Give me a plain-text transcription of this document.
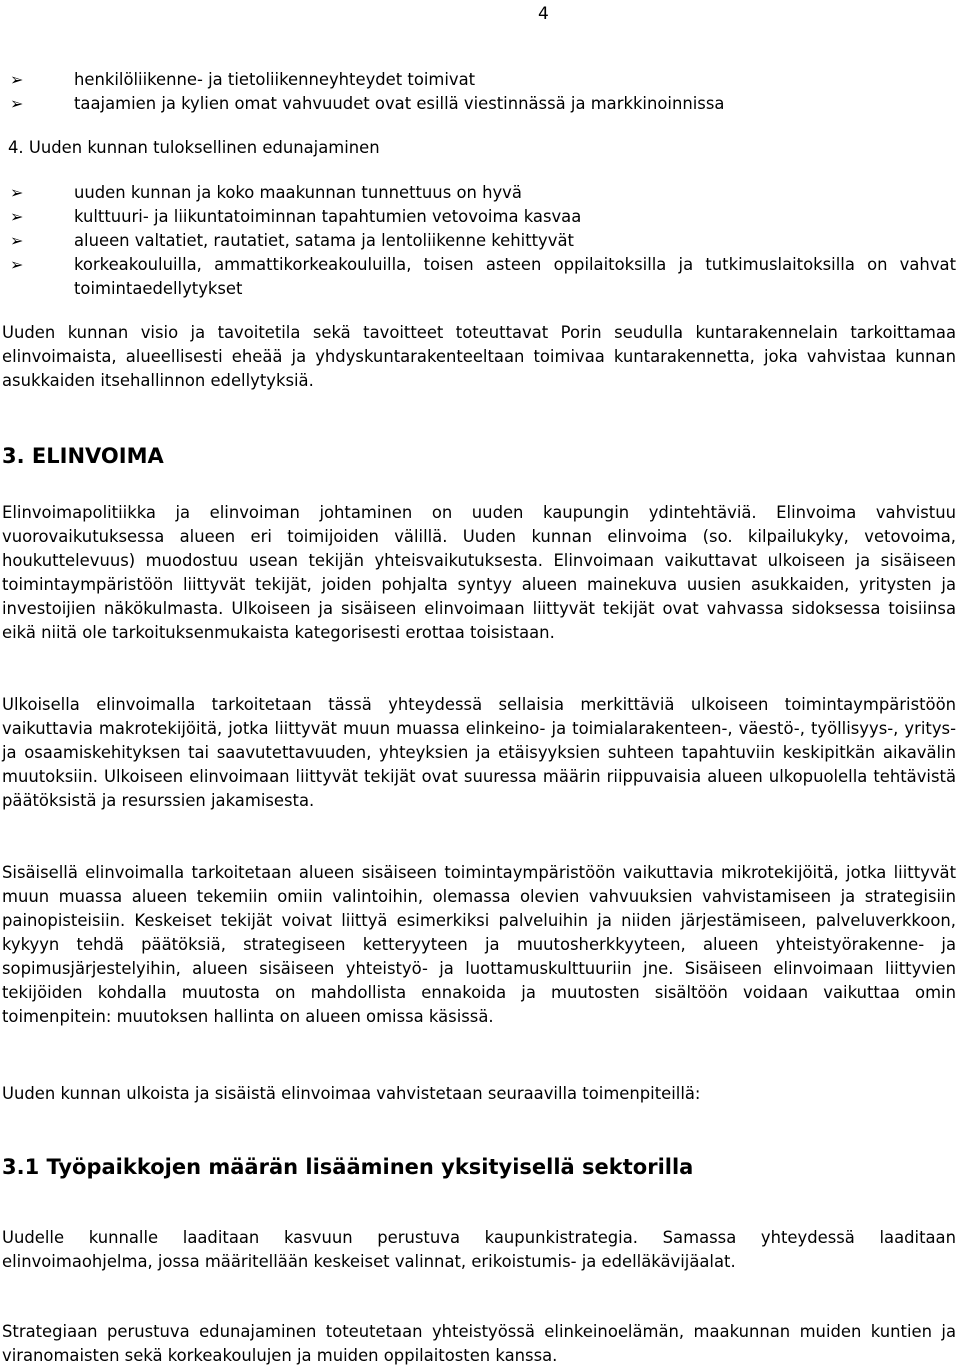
4
➢	henkilöliikenne- ja tietoliikenneyhteydet toimivat
➢	taajamien ja kylien omat vahvuudet ovat esillä viestinnässä ja markkinoinnissa
4. Uuden kunnan tuloksellinen edunajaminen
➢	uuden kunnan ja koko maakunnan tunnettuus on hyvä
➢	kulttuuri- ja liikuntatoiminnan tapahtumien vetovoima kasvaa
➢	alueen valtatiet, rautatiet, satama ja lentoliikenne kehittyvät
➢	korkeakouluilla, ammattikorkeakouluilla, toisen asteen oppilaitoksilla ja tutkimuslaitoksilla on vahvat toimintaedellytykset
Uuden kunnan visio ja tavoitetila sekä tavoitteet toteuttavat Porin seudulla kuntarakennelain tarkoittamaa elinvoimaista, alueellisesti eheää ja yhdyskuntarakenteeltaan toimivaa kuntarakennetta, joka vahvistaa kunnan asukkaiden itsehallinnon edellytyksiä.
3. ELINVOIMA
Elinvoimapolitiikka ja elinvoiman johtaminen on uuden kaupungin ydintehtäviä. Elinvoima vahvistuu vuorovaikutuksessa alueen eri toimijoiden välillä. Uuden kunnan elinvoima (so. kilpailukyky, vetovoima, houkuttelevuus) muodostuu usean tekijän yhteisvaikutuksesta. Elinvoimaan vaikuttavat ulkoiseen ja sisäiseen toimintaympäristöön liittyvät tekijät, joiden pohjalta syntyy alueen mainekuva uusien asukkaiden, yritysten ja investoijien näkökulmasta. Ulkoiseen ja sisäiseen elinvoimaan liittyvät tekijät ovat vahvassa sidoksessa toisiinsa eikä niitä ole tarkoituksenmukaista kategorisesti erottaa toisistaan.
Ulkoisella elinvoimalla tarkoitetaan tässä yhteydessä sellaisia merkittäviä ulkoiseen toimintaympäristöön vaikuttavia makrotekijöitä, jotka liittyvät muun muassa elinkeino- ja toimialarakenteen-, väestö-, työllisyys-, yritys- ja osaamiskehityksen tai saavutettavuuden, yhteyksien ja etäisyyksien suhteen tapahtuviin keskipitkän aikavälin muutoksiin. Ulkoiseen elinvoimaan liittyvät tekijät ovat suuressa määrin riippuvaisia alueen ulkopuolella tehtävistä päätöksistä ja resurssien jakamisesta.
Sisäisellä elinvoimalla tarkoitetaan alueen sisäiseen toimintaympäristöön vaikuttavia mikrotekijöitä, jotka liittyvät muun muassa alueen tekemiin omiin valintoihin, olemassa olevien vahvuuksien vahvistamiseen ja strategisiin painopisteisiin. Keskeiset tekijät voivat liittyä esimerkiksi palveluihin ja niiden järjestämiseen, palveluverkkoon, kykyyn tehdä päätöksiä, strategiseen ketteryyteen ja muutosherkkyyteen, alueen yhteistyörakenne- ja sopimusjärjestelyihin, alueen sisäiseen yhteistyö- ja luottamuskulttuuriin jne. Sisäiseen elinvoimaan liittyvien tekijöiden kohdalla muutosta on mahdollista ennakoida ja muutosten sisältöön voidaan vaikuttaa omin toimenpitein: muutoksen hallinta on alueen omissa käsissä.
Uuden kunnan ulkoista ja sisäistä elinvoimaa vahvistetaan seuraavilla toimenpiteillä:
3.1 Työpaikkojen määrän lisääminen yksityisellä sektorilla
Uudelle kunnalle laaditaan kasvuun perustuva kaupunkistrategia. Samassa yhteydessä laaditaan elinvoimaohjelma, jossa määritellään keskeiset valinnat, erikoistumis- ja edelläkävijäalat.
Strategiaan perustuva edunajaminen toteutetaan yhteistyössä elinkeinoelämän, maakunnan muiden kuntien ja viranomaisten sekä korkeakoulujen ja muiden oppilaitosten kanssa.
